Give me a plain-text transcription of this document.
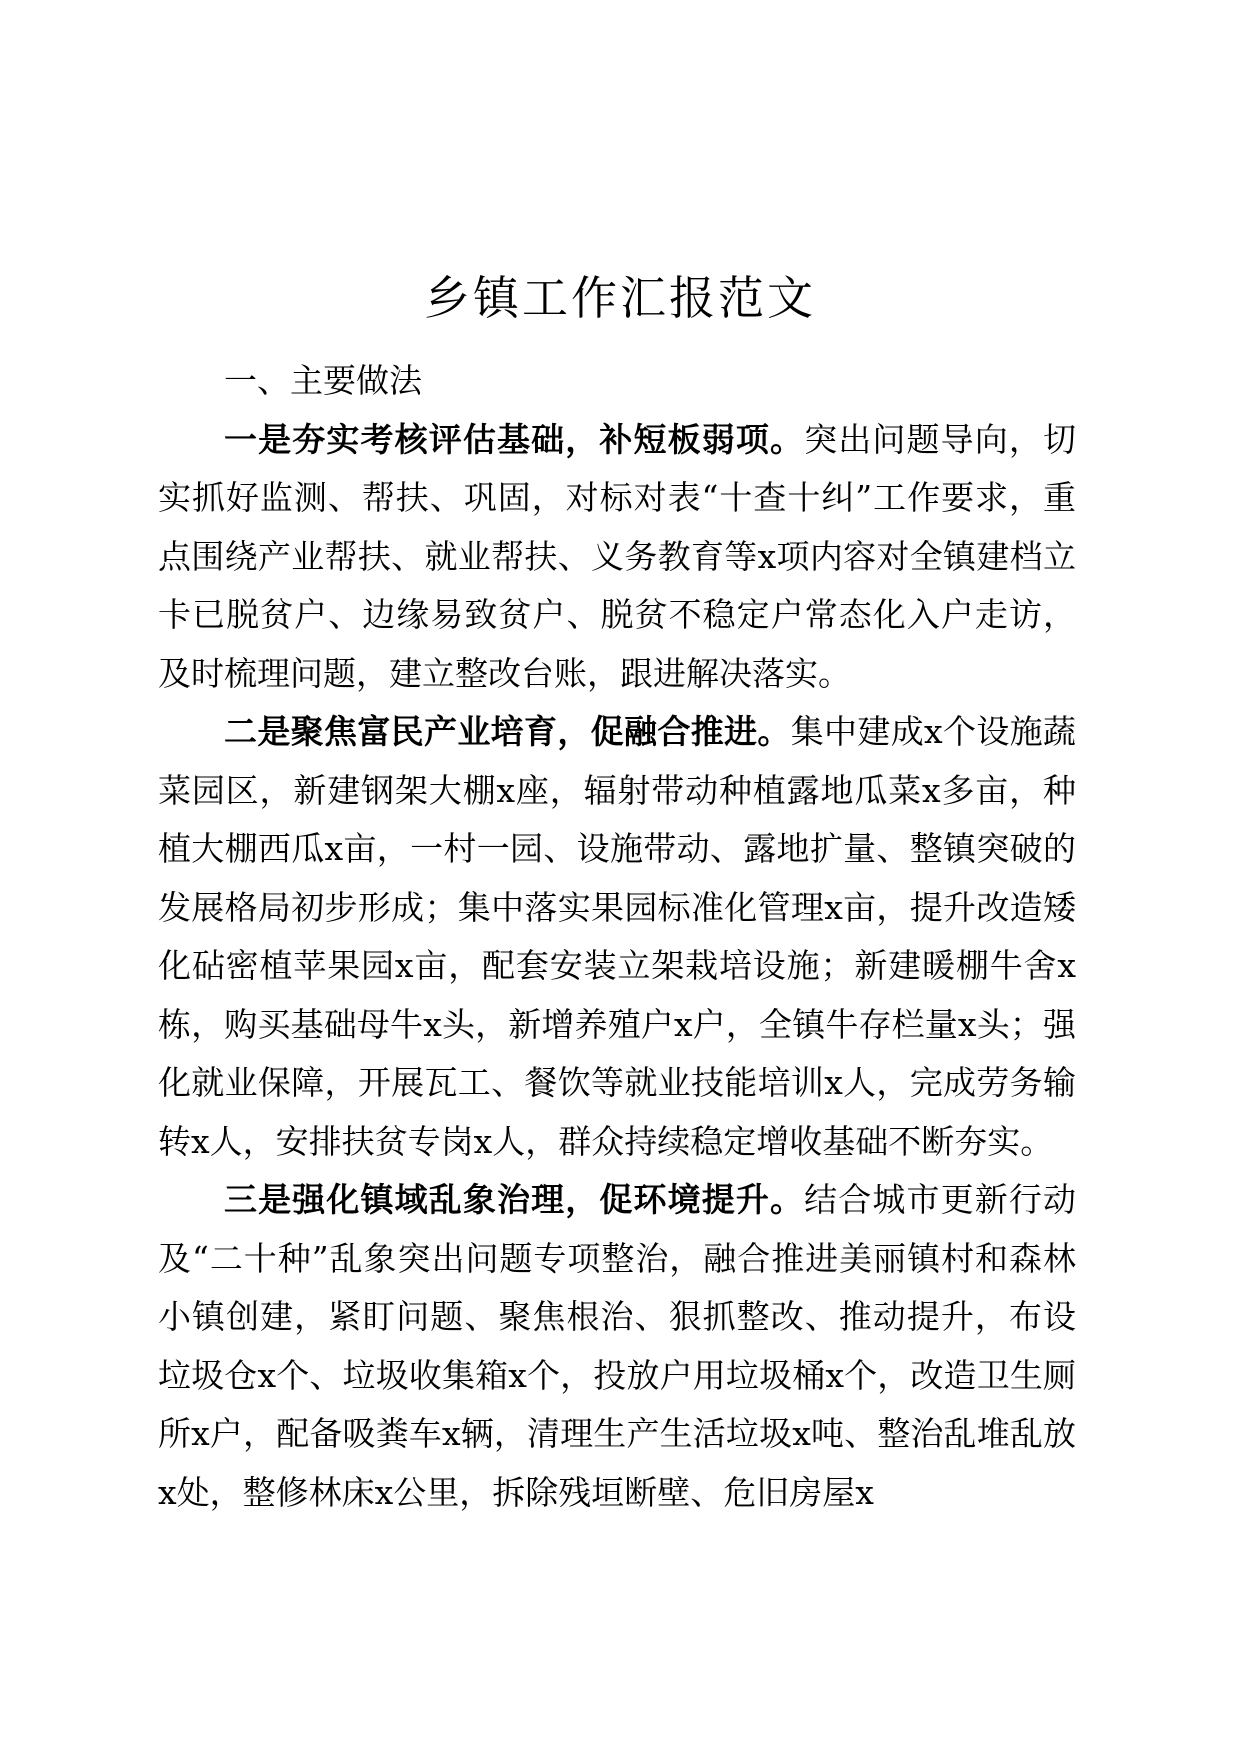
乡镇工作汇报范文

一、主要做法

一是夯实考核评估基础，补短板弱项。突出问题导向，切实抓好监测、帮扶、巩固，对标对表“十查十纠”工作要求，重点围绕产业帮扶、就业帮扶、义务教育等x项内容对全镇建档立卡已脱贫户、边缘易致贫户、脱贫不稳定户常态化入户走访，及时梳理问题，建立整改台账，跟进解决落实。

二是聚焦富民产业培育，促融合推进。集中建成x个设施蔬菜园区，新建钢架大棚x座，辐射带动种植露地瓜菜x多亩，种植大棚西瓜x亩，一村一园、设施带动、露地扩量、整镇突破的发展格局初步形成；集中落实果园标准化管理x亩，提升改造矮化砧密植苹果园x亩，配套安装立架栽培设施；新建暖棚牛舍x栋，购买基础母牛x头，新增养殖户x户，全镇牛存栏量x头；强化就业保障，开展瓦工、餐饮等就业技能培训x人，完成劳务输转x人，安排扶贫专岗x人，群众持续稳定增收基础不断夯实。

三是强化镇域乱象治理，促环境提升。结合城市更新行动及“二十种”乱象突出问题专项整治，融合推进美丽镇村和森林小镇创建，紧盯问题、聚焦根治、狠抓整改、推动提升，布设垃圾仓x个、垃圾收集箱x个，投放户用垃圾桶x个，改造卫生厕所x户，配备吸粪车x辆，清理生产生活垃圾x吨、整治乱堆乱放x处，整修林床x公里，拆除残垣断壁、危旧房屋x
